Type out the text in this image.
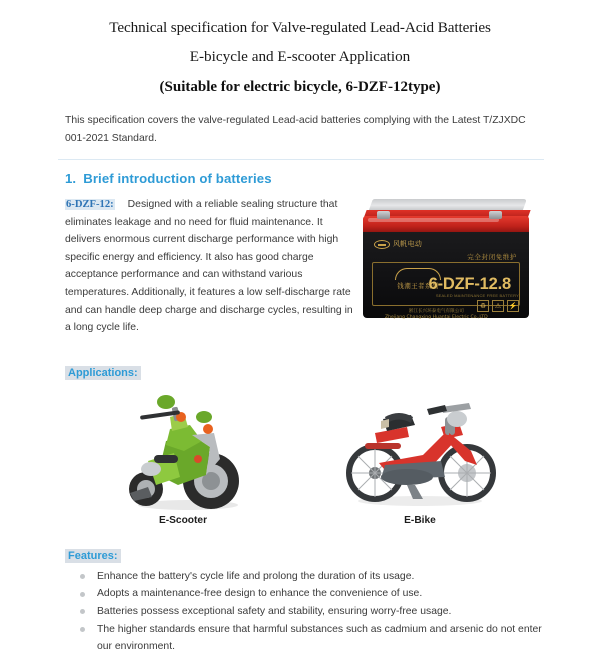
Technical specification for Valve-regulated Lead-Acid Batteries
E-bicycle and E-scooter Application
(Suitable for electric bicycle, 6-DZF-12type)
This specification covers the valve-regulated Lead-acid batteries complying with the Latest T/ZJXDC 001-2021 Standard.
1. Brief introduction of batteries
6-DZF-12: Designed with a reliable sealing structure that eliminates leakage and no need for fluid maintenance. It delivers enormous current discharge performance with high specific energy and efficiency. It also has good charge acceptance performance and can withstand various temperatures. Additionally, it features a low self-discharge rate and can handle deep charge and discharge cycles, resulting in a long cycle life.
风帆电动
完全封闭免维护
钱潮王者系列
6-DZF-12.8
浙江长兴环泰电气有限公司
Zhejiang Changxing Huantai Electric Co.,LTD
SEALED MAINTENANCE FREE BATTERY
♻	⚠	⚡
Applications:
E-Scooter	E-Bike
Features:
Enhance the battery's cycle life and prolong the duration of its usage.
Adopts a maintenance-free design to enhance the convenience of use.
Batteries possess exceptional safety and stability, ensuring worry-free usage.
The higher standards ensure that harmful substances such as cadmium and arsenic do not enter our environment.
